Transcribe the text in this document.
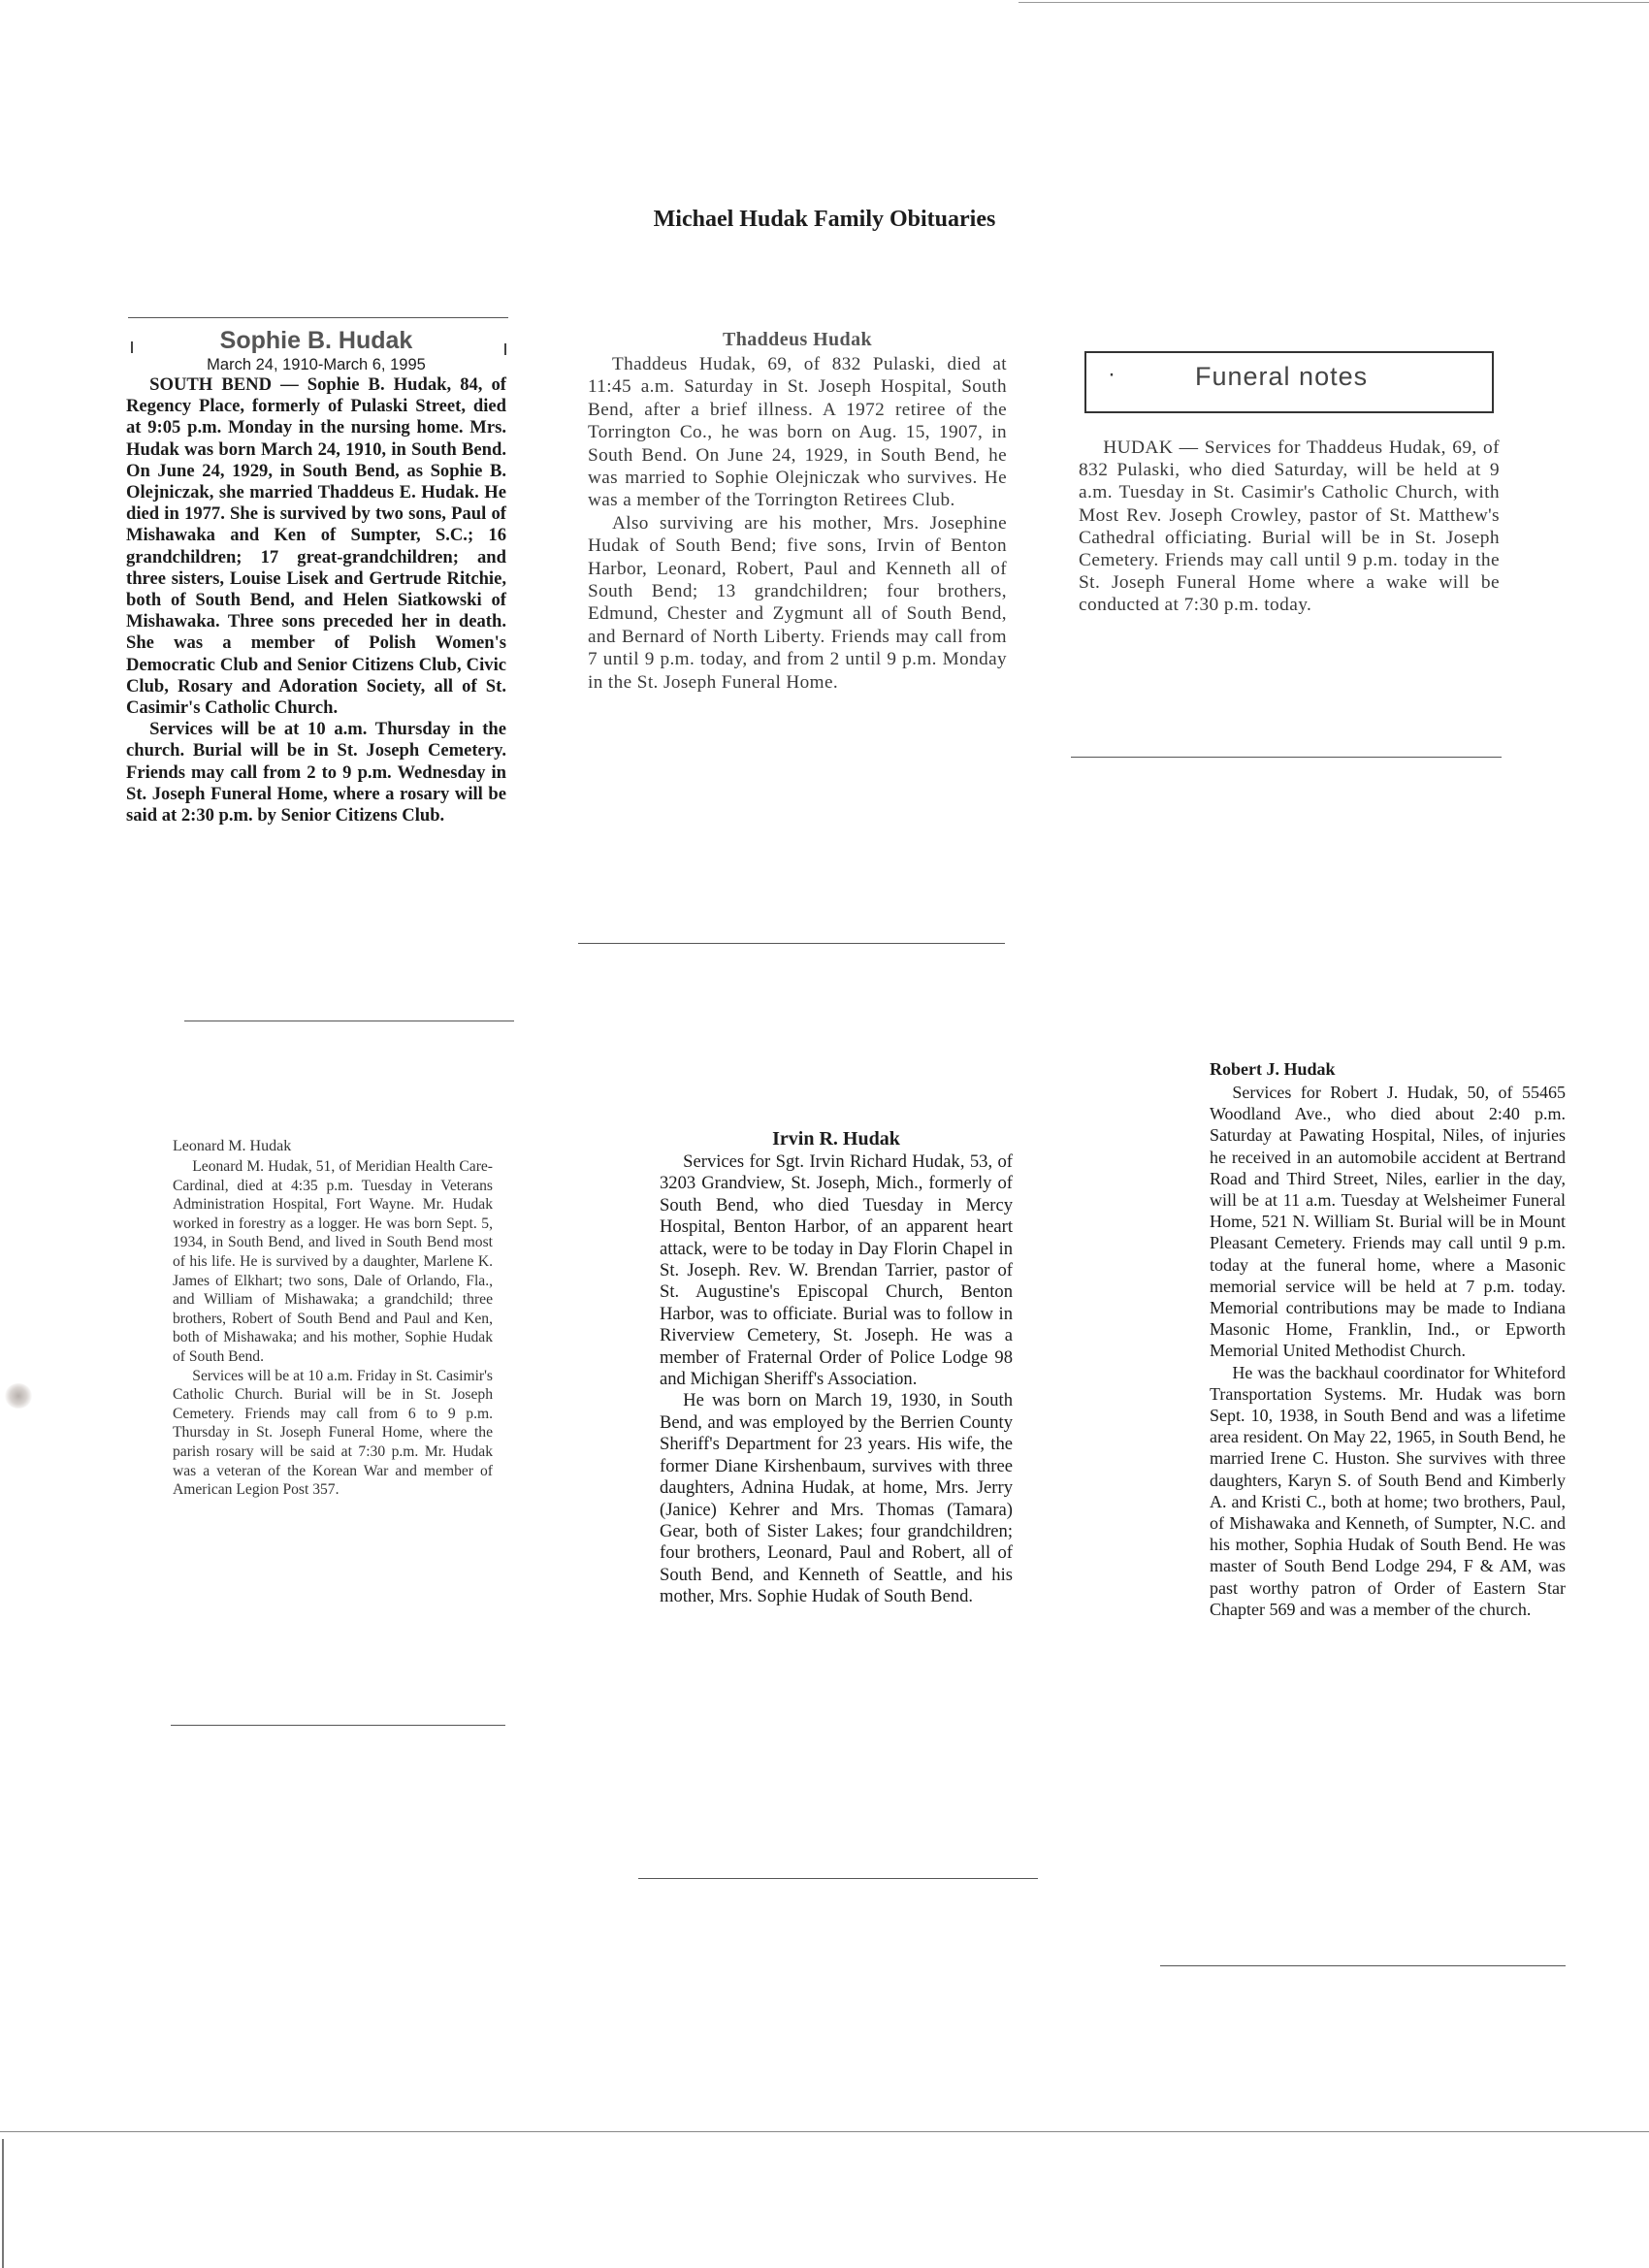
Michael Hudak Family Obituaries
Sophie B. Hudak
March 24, 1910-March 6, 1995

SOUTH BEND — Sophie B. Hudak, 84, of Regency Place, formerly of Pulaski Street, died at 9:05 p.m. Monday in the nursing home. Mrs. Hudak was born March 24, 1910, in South Bend. On June 24, 1929, in South Bend, as Sophie B. Olejniczak, she married Thaddeus E. Hudak. He died in 1977. She is survived by two sons, Paul of Mishawaka and Ken of Sumpter, S.C.; 16 grandchildren; 17 great-grandchildren; and three sisters, Louise Lisek and Gertrude Ritchie, both of South Bend, and Helen Siatkowski of Mishawaka. Three sons preceded her in death. She was a member of Polish Women's Democratic Club and Senior Citizens Club, Civic Club, Rosary and Adoration Society, all of St. Casimir's Catholic Church.

Services will be at 10 a.m. Thursday in the church. Burial will be in St. Joseph Cemetery. Friends may call from 2 to 9 p.m. Wednesday in St. Joseph Funeral Home, where a rosary will be said at 2:30 p.m. by Senior Citizens Club.

Thaddeus Hudak

Thaddeus Hudak, 69, of 832 Pulaski, died at 11:45 a.m. Saturday in St. Joseph Hospital, South Bend, after a brief illness. A 1972 retiree of the Torrington Co., he was born on Aug. 15, 1907, in South Bend. On June 24, 1929, in South Bend, he was married to Sophie Olejniczak who survives. He was a member of the Torrington Retirees Club.

Also surviving are his mother, Mrs. Josephine Hudak of South Bend; five sons, Irvin of Benton Harbor, Leonard, Robert, Paul and Kenneth all of South Bend; 13 grandchildren; four brothers, Edmund, Chester and Zygmunt all of South Bend, and Bernard of North Liberty. Friends may call from 7 until 9 p.m. today, and from 2 until 9 p.m. Monday in the St. Joseph Funeral Home.

·	Funeral notes

HUDAK — Services for Thaddeus Hudak, 69, of 832 Pulaski, who died Saturday, will be held at 9 a.m. Tuesday in St. Casimir's Catholic Church, with Most Rev. Joseph Crowley, pastor of St. Matthew's Cathedral officiating. Burial will be in St. Joseph Cemetery. Friends may call until 9 p.m. today in the St. Joseph Funeral Home where a wake will be conducted at 7:30 p.m. today.

Leonard M. Hudak

Leonard M. Hudak, 51, of Meridian Health Care-Cardinal, died at 4:35 p.m. Tuesday in Veterans Administration Hospital, Fort Wayne. Mr. Hudak worked in forestry as a logger. He was born Sept. 5, 1934, in South Bend, and lived in South Bend most of his life. He is survived by a daughter, Marlene K. James of Elkhart; two sons, Dale of Orlando, Fla., and William of Mishawaka; a grandchild; three brothers, Robert of South Bend and Paul and Ken, both of Mishawaka; and his mother, Sophie Hudak of South Bend.

Services will be at 10 a.m. Friday in St. Casimir's Catholic Church. Burial will be in St. Joseph Cemetery. Friends may call from 6 to 9 p.m. Thursday in St. Joseph Funeral Home, where the parish rosary will be said at 7:30 p.m. Mr. Hudak was a veteran of the Korean War and member of American Legion Post 357.

Irvin R. Hudak

Services for Sgt. Irvin Richard Hudak, 53, of 3203 Grandview, St. Joseph, Mich., formerly of South Bend, who died Tuesday in Mercy Hospital, Benton Harbor, of an apparent heart attack, were to be today in Day Florin Chapel in St. Joseph. Rev. W. Brendan Tarrier, pastor of St. Augustine's Episcopal Church, Benton Harbor, was to officiate. Burial was to follow in Riverview Cemetery, St. Joseph. He was a member of Fraternal Order of Police Lodge 98 and Michigan Sheriff's Association.

He was born on March 19, 1930, in South Bend, and was employed by the Berrien County Sheriff's Department for 23 years. His wife, the former Diane Kirshenbaum, survives with three daughters, Adnina Hudak, at home, Mrs. Jerry (Janice) Kehrer and Mrs. Thomas (Tamara) Gear, both of Sister Lakes; four grandchildren; four brothers, Leonard, Paul and Robert, all of South Bend, and Kenneth of Seattle, and his mother, Mrs. Sophie Hudak of South Bend.

Robert J. Hudak

Services for Robert J. Hudak, 50, of 55465 Woodland Ave., who died about 2:40 p.m. Saturday at Pawating Hospital, Niles, of injuries he received in an automobile accident at Bertrand Road and Third Street, Niles, earlier in the day, will be at 11 a.m. Tuesday at Welsheimer Funeral Home, 521 N. William St. Burial will be in Mount Pleasant Cemetery. Friends may call until 9 p.m. today at the funeral home, where a Masonic memorial service will be held at 7 p.m. today. Memorial contributions may be made to Indiana Masonic Home, Franklin, Ind., or Epworth Memorial United Methodist Church.

He was the backhaul coordinator for Whiteford Transportation Systems. Mr. Hudak was born Sept. 10, 1938, in South Bend and was a lifetime area resident. On May 22, 1965, in South Bend, he married Irene C. Huston. She survives with three daughters, Karyn S. of South Bend and Kimberly A. and Kristi C., both at home; two brothers, Paul, of Mishawaka and Kenneth, of Sumpter, N.C. and his mother, Sophia Hudak of South Bend. He was master of South Bend Lodge 294, F & AM, was past worthy patron of Order of Eastern Star Chapter 569 and was a member of the church.
